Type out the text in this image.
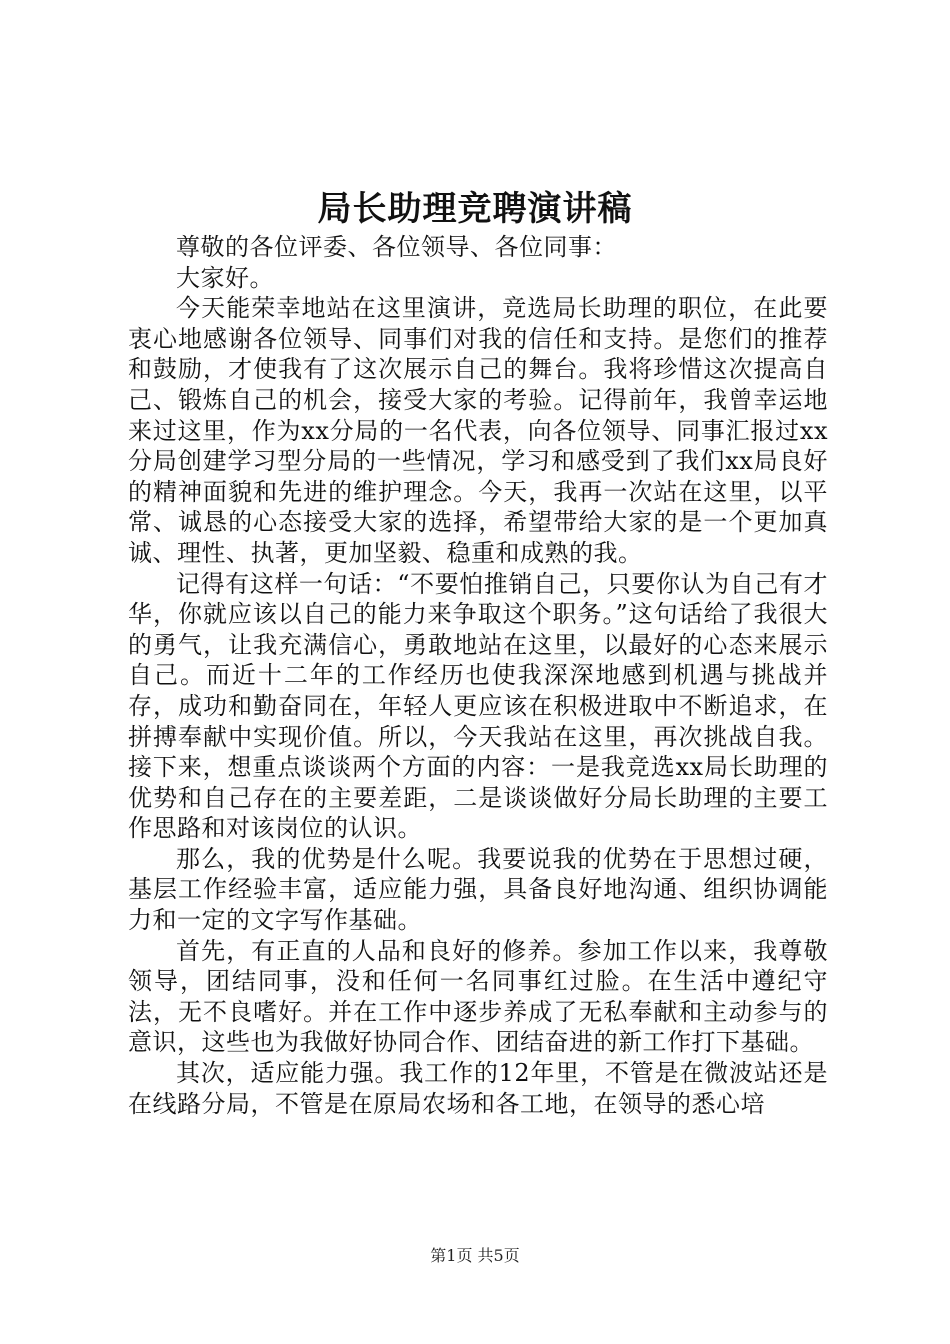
局长助理竞聘演讲稿

尊敬的各位评委、各位领导、各位同事：

大家好。

今天能荣幸地站在这里演讲，竞选局长助理的职位，在此要衷心地感谢各位领导、同事们对我的信任和支持。是您们的推荐和鼓励，才使我有了这次展示自己的舞台。我将珍惜这次提高自己、锻炼自己的机会，接受大家的考验。记得前年，我曾幸运地来过这里，作为xx分局的一名代表，向各位领导、同事汇报过xx分局创建学习型分局的一些情况，学习和感受到了我们xx局良好的精神面貌和先进的维护理念。今天，我再一次站在这里，以平常、诚恳的心态接受大家的选择，希望带给大家的是一个更加真诚、理性、执著，更加坚毅、稳重和成熟的我。

记得有这样一句话：“不要怕推销自己，只要你认为自己有才华，你就应该以自己的能力来争取这个职务。”这句话给了我很大的勇气，让我充满信心，勇敢地站在这里，以最好的心态来展示自己。而近十二年的工作经历也使我深深地感到机遇与挑战并存，成功和勤奋同在，年轻人更应该在积极进取中不断追求，在拼搏奉献中实现价值。所以，今天我站在这里，再次挑战自我。接下来，想重点谈谈两个方面的内容：一是我竞选xx局长助理的优势和自己存在的主要差距，二是谈谈做好分局长助理的主要工作思路和对该岗位的认识。

那么，我的优势是什么呢。我要说我的优势在于思想过硬，基层工作经验丰富，适应能力强，具备良好地沟通、组织协调能力和一定的文字写作基础。

首先，有正直的人品和良好的修养。参加工作以来，我尊敬领导，团结同事，没和任何一名同事红过脸。在生活中遵纪守法，无不良嗜好。并在工作中逐步养成了无私奉献和主动参与的意识，这些也为我做好协同合作、团结奋进的新工作打下基础。

其次，适应能力强。我工作的12年里，不管是在微波站还是在线路分局，不管是在原局农场和各工地，在领导的悉心培

第1页 共5页
